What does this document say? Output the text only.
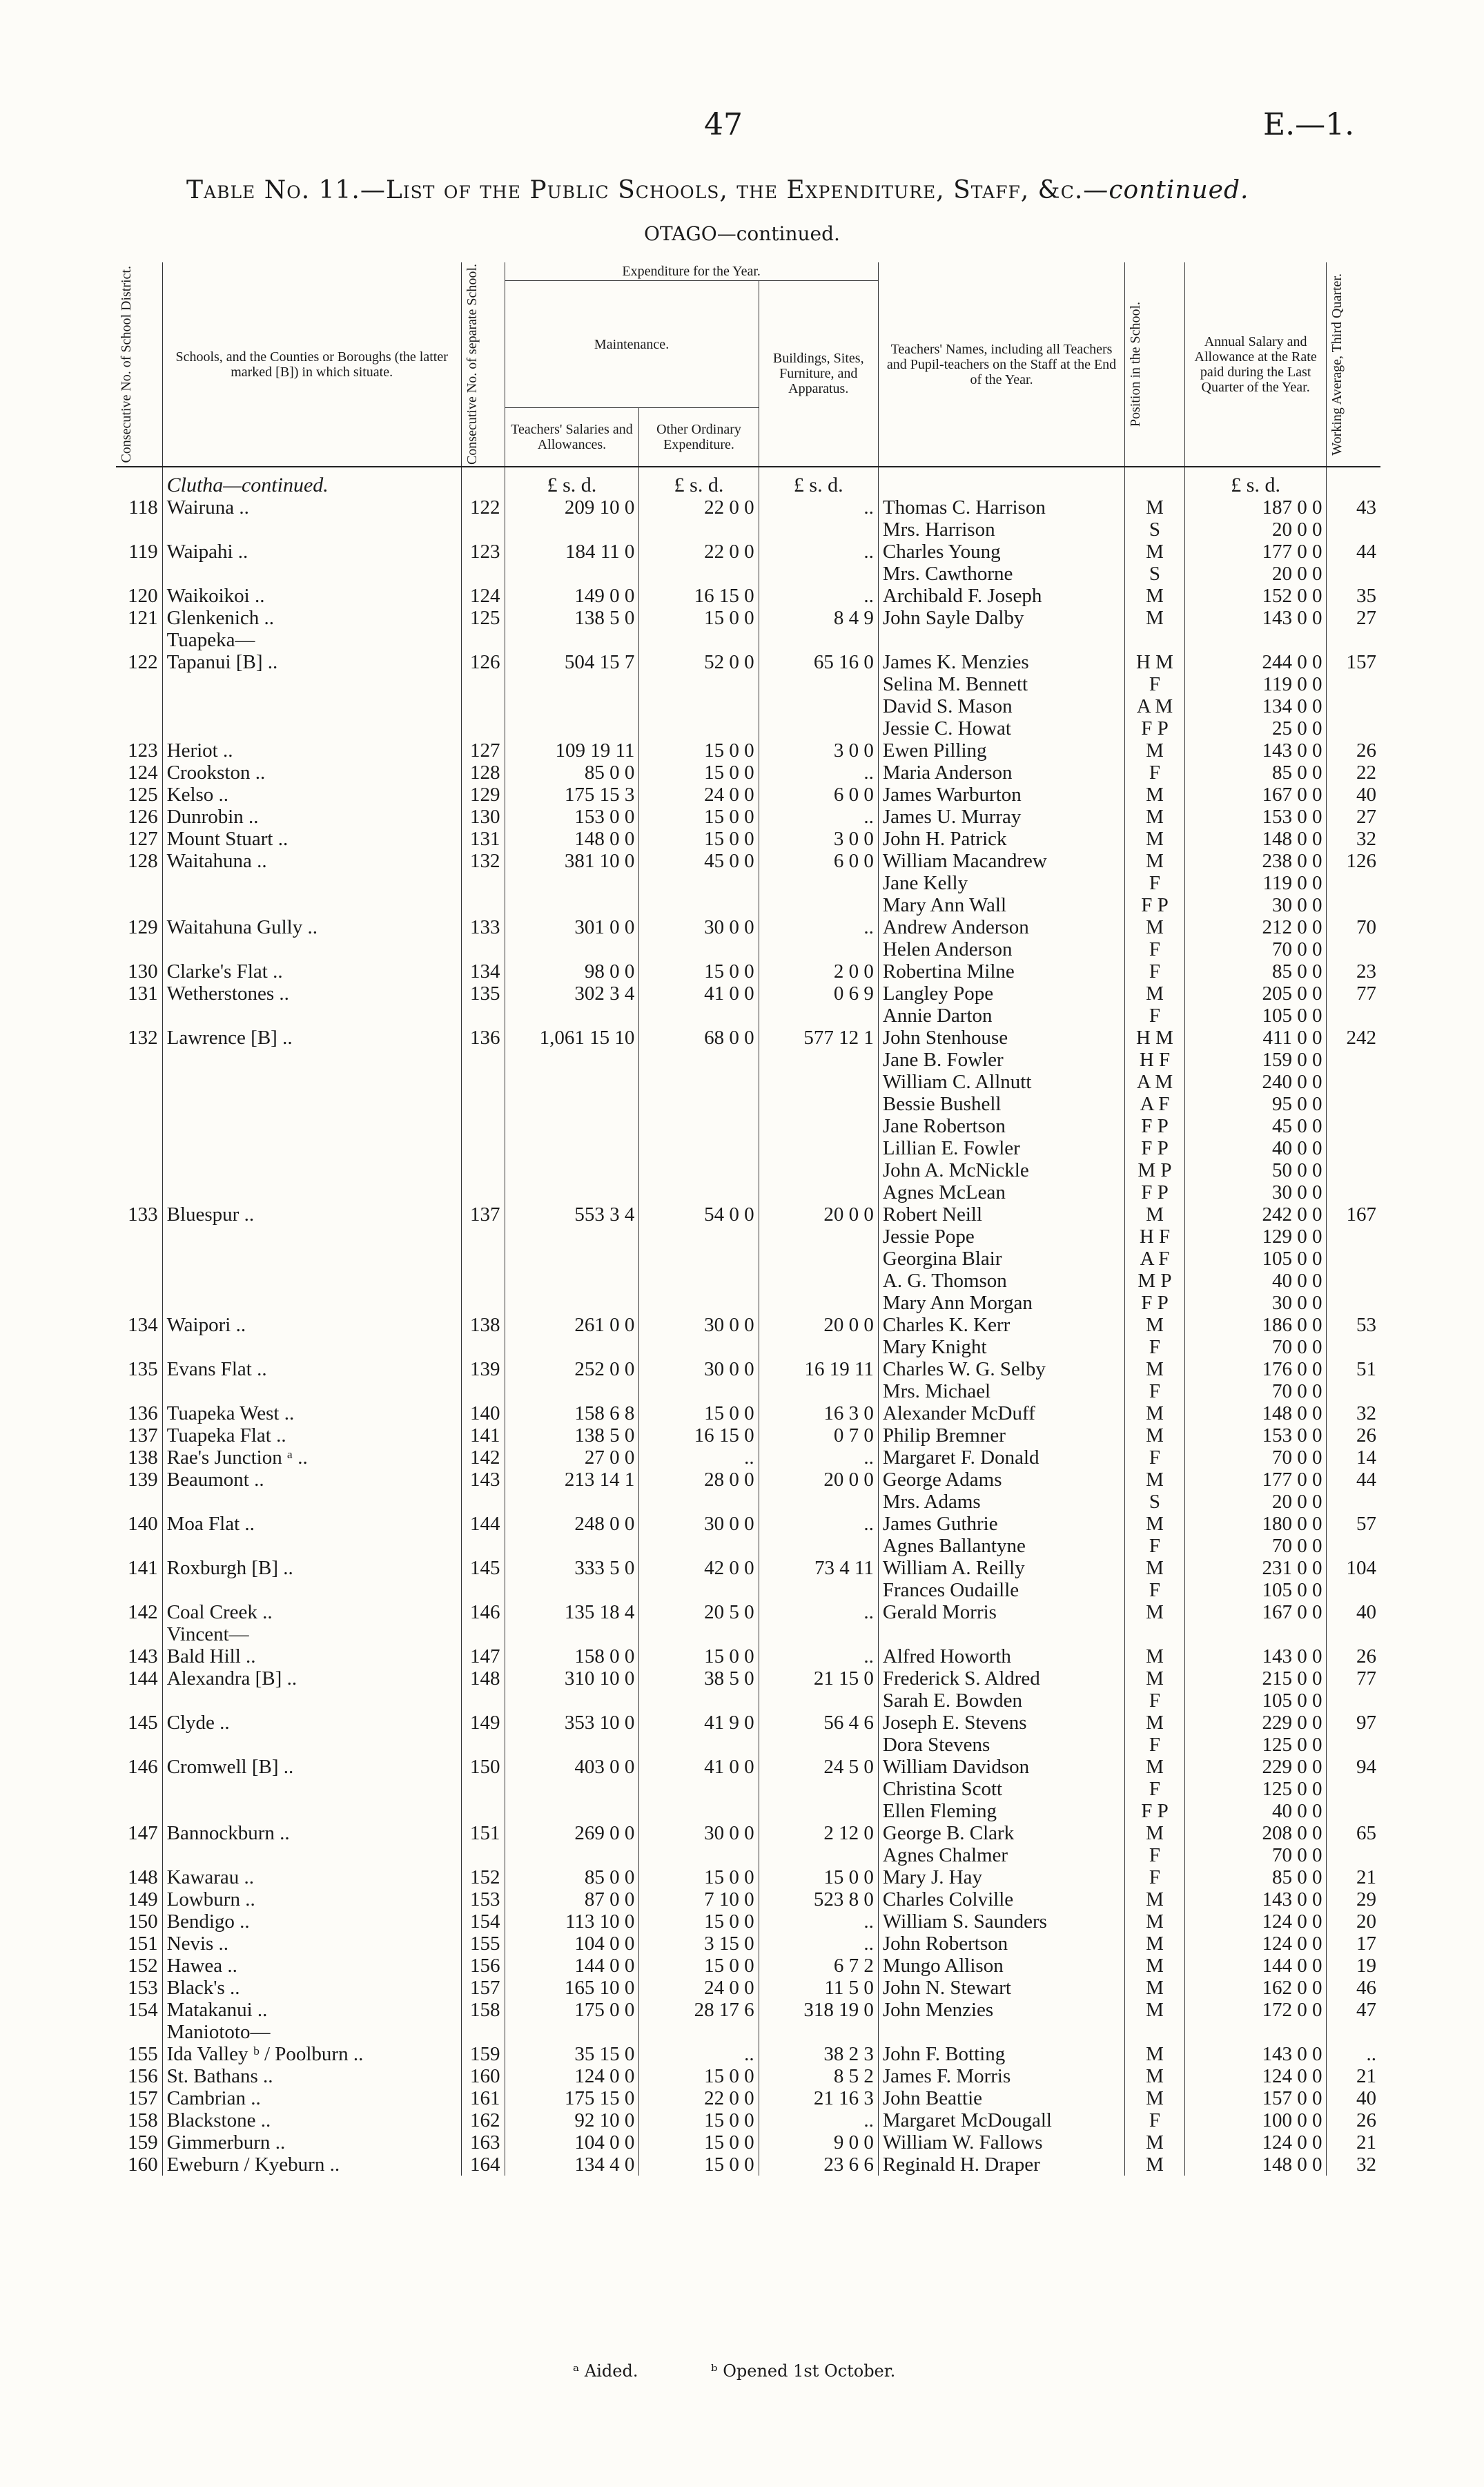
47	E.—1.
Table No. 11.—List of the Public Schools, the Expenditure, Staff, &c.—continued.
OTAGO—continued.
Consecutive No. of School District.	Schools, and the Counties or Boroughs (the latter marked [B]) in which situate.	Consecutive No. of separate School.	Expenditure for the Year.			Teachers' Names, including all Teachers and Pupil-teachers on the Staff at the End of the Year.	Position in the School.	Annual Salary and Allowance at the Rate paid during the Last Quarter of the Year.	Working Average, Third Quarter.

			Maintenance.		Buildings, Sites, Furniture, and Apparatus.				
			Teachers' Salaries and Allowances.	Other Ordinary Expenditure.					
	Clutha—continued.		£ s. d.	£ s. d.	£ s. d.			£ s. d.	
118	Wairuna ..	122	209 10 0	22 0 0	..	Thomas C. Harrison	M	187 0 0	43
						Mrs. Harrison	S	20 0 0	
119	Waipahi ..	123	184 11 0	22 0 0	..	Charles Young	M	177 0 0	44
						Mrs. Cawthorne	S	20 0 0	
120	Waikoikoi ..	124	149 0 0	16 15 0	..	Archibald F. Joseph	M	152 0 0	35
121	Glenkenich ..	125	138 5 0	15 0 0	8 4 9	John Sayle Dalby	M	143 0 0	27
	Tuapeka—								
122	Tapanui [B] ..	126	504 15 7	52 0 0	65 16 0	James K. Menzies	H M	244 0 0	157
						Selina M. Bennett	F	119 0 0	
						David S. Mason	A M	134 0 0	
						Jessie C. Howat	F P	25 0 0	
123	Heriot ..	127	109 19 11	15 0 0	3 0 0	Ewen Pilling	M	143 0 0	26
124	Crookston ..	128	85 0 0	15 0 0	..	Maria Anderson	F	85 0 0	22
125	Kelso ..	129	175 15 3	24 0 0	6 0 0	James Warburton	M	167 0 0	40
126	Dunrobin ..	130	153 0 0	15 0 0	..	James U. Murray	M	153 0 0	27
127	Mount Stuart ..	131	148 0 0	15 0 0	3 0 0	John H. Patrick	M	148 0 0	32
128	Waitahuna ..	132	381 10 0	45 0 0	6 0 0	William Macandrew	M	238 0 0	126
						Jane Kelly	F	119 0 0	
						Mary Ann Wall	F P	30 0 0	
129	Waitahuna Gully ..	133	301 0 0	30 0 0	..	Andrew Anderson	M	212 0 0	70
						Helen Anderson	F	70 0 0	
130	Clarke's Flat ..	134	98 0 0	15 0 0	2 0 0	Robertina Milne	F	85 0 0	23
131	Wetherstones ..	135	302 3 4	41 0 0	0 6 9	Langley Pope	M	205 0 0	77
						Annie Darton	F	105 0 0	
132	Lawrence [B] ..	136	1,061 15 10	68 0 0	577 12 1	John Stenhouse	H M	411 0 0	242
						Jane B. Fowler	H F	159 0 0	
						William C. Allnutt	A M	240 0 0	
						Bessie Bushell	A F	95 0 0	
						Jane Robertson	F P	45 0 0	
						Lillian E. Fowler	F P	40 0 0	
						John A. McNickle	M P	50 0 0	
						Agnes McLean	F P	30 0 0	
133	Bluespur ..	137	553 3 4	54 0 0	20 0 0	Robert Neill	M	242 0 0	167
						Jessie Pope	H F	129 0 0	
						Georgina Blair	A F	105 0 0	
						A. G. Thomson	M P	40 0 0	
						Mary Ann Morgan	F P	30 0 0	
134	Waipori ..	138	261 0 0	30 0 0	20 0 0	Charles K. Kerr	M	186 0 0	53
						Mary Knight	F	70 0 0	
135	Evans Flat ..	139	252 0 0	30 0 0	16 19 11	Charles W. G. Selby	M	176 0 0	51
						Mrs. Michael	F	70 0 0	
136	Tuapeka West ..	140	158 6 8	15 0 0	16 3 0	Alexander McDuff	M	148 0 0	32
137	Tuapeka Flat ..	141	138 5 0	16 15 0	0 7 0	Philip Bremner	M	153 0 0	26
138	Rae's Junction ᵃ ..	142	27 0 0	..	..	Margaret F. Donald	F	70 0 0	14
139	Beaumont ..	143	213 14 1	28 0 0	20 0 0	George Adams	M	177 0 0	44
						Mrs. Adams	S	20 0 0	
140	Moa Flat ..	144	248 0 0	30 0 0	..	James Guthrie	M	180 0 0	57
						Agnes Ballantyne	F	70 0 0	
141	Roxburgh [B] ..	145	333 5 0	42 0 0	73 4 11	William A. Reilly	M	231 0 0	104
						Frances Oudaille	F	105 0 0	
142	Coal Creek ..	146	135 18 4	20 5 0	..	Gerald Morris	M	167 0 0	40
	Vincent—								
143	Bald Hill ..	147	158 0 0	15 0 0	..	Alfred Howorth	M	143 0 0	26
144	Alexandra [B] ..	148	310 10 0	38 5 0	21 15 0	Frederick S. Aldred	M	215 0 0	77
						Sarah E. Bowden	F	105 0 0	
145	Clyde ..	149	353 10 0	41 9 0	56 4 6	Joseph E. Stevens	M	229 0 0	97
						Dora Stevens	F	125 0 0	
146	Cromwell [B] ..	150	403 0 0	41 0 0	24 5 0	William Davidson	M	229 0 0	94
						Christina Scott	F	125 0 0	
						Ellen Fleming	F P	40 0 0	
147	Bannockburn ..	151	269 0 0	30 0 0	2 12 0	George B. Clark	M	208 0 0	65
						Agnes Chalmer	F	70 0 0	
148	Kawarau ..	152	85 0 0	15 0 0	15 0 0	Mary J. Hay	F	85 0 0	21
149	Lowburn ..	153	87 0 0	7 10 0	523 8 0	Charles Colville	M	143 0 0	29
150	Bendigo ..	154	113 10 0	15 0 0	..	William S. Saunders	M	124 0 0	20
151	Nevis ..	155	104 0 0	3 15 0	..	John Robertson	M	124 0 0	17
152	Hawea ..	156	144 0 0	15 0 0	6 7 2	Mungo Allison	M	144 0 0	19
153	Black's ..	157	165 10 0	24 0 0	11 5 0	John N. Stewart	M	162 0 0	46
154	Matakanui ..	158	175 0 0	28 17 6	318 19 0	John Menzies	M	172 0 0	47
	Maniototo—								
155	Ida Valley ᵇ / Poolburn ..	159	35 15 0	..	38 2 3	John F. Botting	M	143 0 0	..
156	St. Bathans ..	160	124 0 0	15 0 0	8 5 2	James F. Morris	M	124 0 0	21
157	Cambrian ..	161	175 15 0	22 0 0	21 16 3	John Beattie	M	157 0 0	40
158	Blackstone ..	162	92 10 0	15 0 0	..	Margaret McDougall	F	100 0 0	26
159	Gimmerburn ..	163	104 0 0	15 0 0	9 0 0	William W. Fallows	M	124 0 0	21
160	Eweburn / Kyeburn ..	164	134 4 0	15 0 0	23 6 6	Reginald H. Draper	M	148 0 0	32
ᵃ Aided.	ᵇ Opened 1st October.
